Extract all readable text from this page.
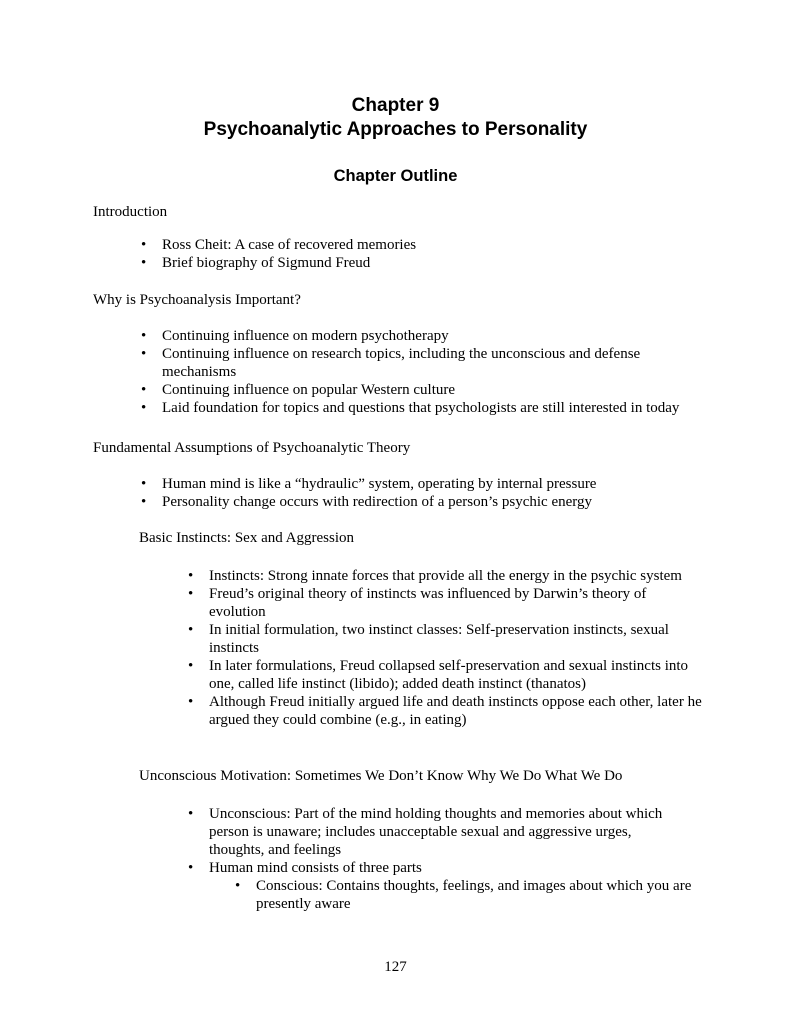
Chapter 9
Psychoanalytic Approaches to Personality
Chapter Outline
Introduction
• Ross Cheit: A case of recovered memories
• Brief biography of Sigmund Freud
Why is Psychoanalysis Important?
• Continuing influence on modern psychotherapy
• Continuing influence on research topics, including the unconscious and defense mechanisms
• Continuing influence on popular Western culture
• Laid foundation for topics and questions that psychologists are still interested in today
Fundamental Assumptions of Psychoanalytic Theory
• Human mind is like a “hydraulic” system, operating by internal pressure
• Personality change occurs with redirection of a person’s psychic energy
Basic Instincts: Sex and Aggression
• Instincts: Strong innate forces that provide all the energy in the psychic system
• Freud’s original theory of instincts was influenced by Darwin’s theory of evolution
• In initial formulation, two instinct classes: Self-preservation instincts, sexual instincts
• In later formulations, Freud collapsed self-preservation and sexual instincts into one, called life instinct (libido); added death instinct (thanatos)
• Although Freud initially argued life and death instincts oppose each other, later he argued they could combine (e.g., in eating)
Unconscious Motivation: Sometimes We Don’t Know Why We Do What We Do
• Unconscious: Part of the mind holding thoughts and memories about which person is unaware; includes unacceptable sexual and aggressive urges, thoughts, and feelings
• Human mind consists of three parts
• Conscious: Contains thoughts, feelings, and images about which you are presently aware
127
